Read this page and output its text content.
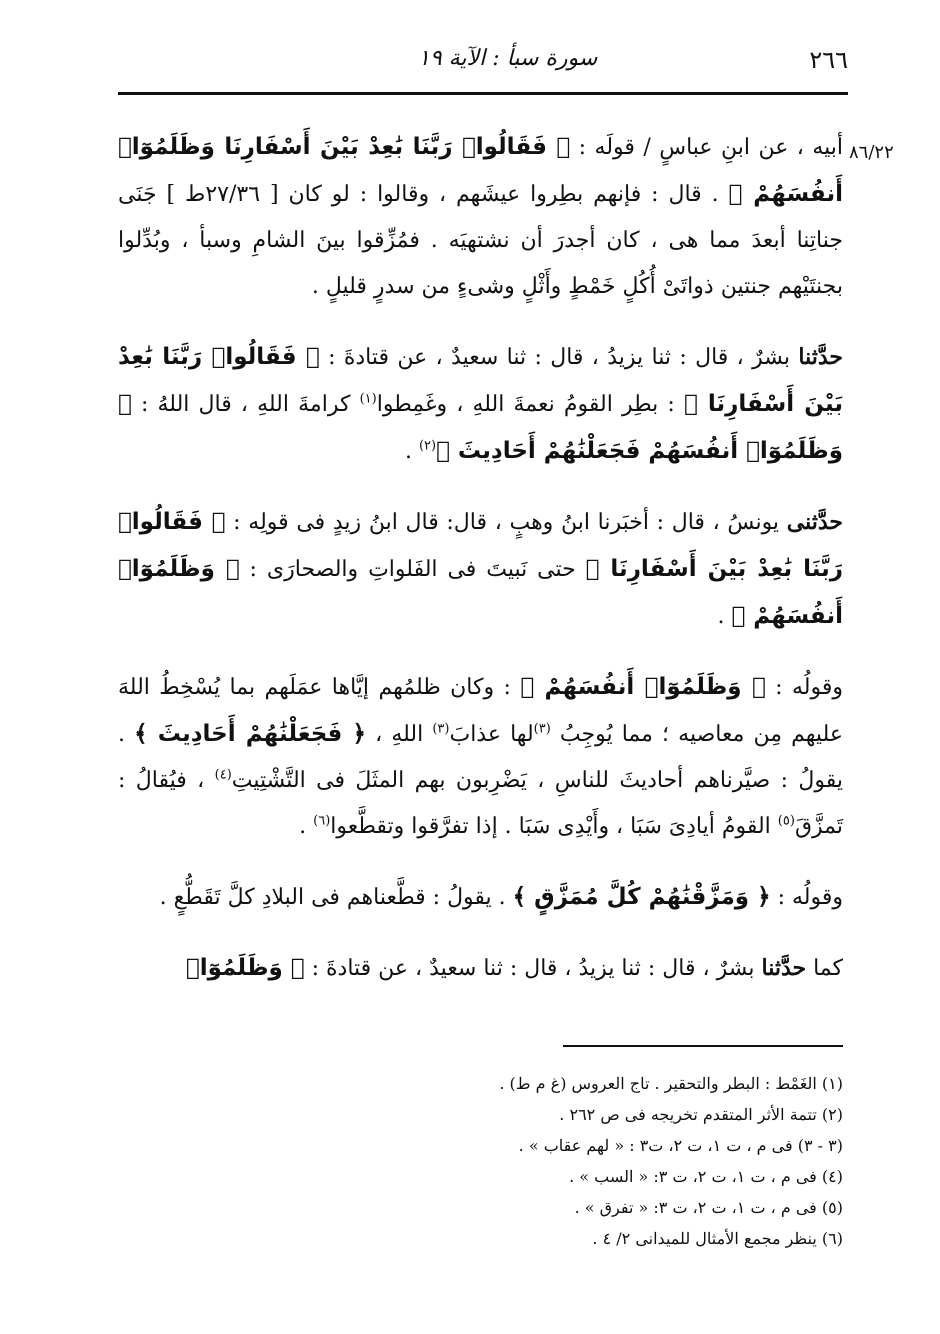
٢٦٦
سورة سبأ : الآية ١٩
٨٦/٢٢

أبيه ، عن ابنِ عباسٍ / قولَه : ﴿ فَقَالُوا۟ رَبَّنَا بَٰعِدْ بَيْنَ أَسْفَارِنَا وَظَلَمُوٓا۟ أَنفُسَهُمْ ﴾ . قال : فإنهم بطِروا عيشَهم ، وقالوا : لو كان [ ٢٧/٣٦ط ] جَنَى جناتِنا أبعدَ مما هى ، كان أجدرَ أن نشتهيَه . فمُزِّقوا بينَ الشامِ وسبأ ، وبُدِّلوا بجنتَيْهم جنتين ذواتَىْ أُكُلٍ خَمْطٍ وأَثْلٍ وشىءٍ من سدرٍ قليلٍ .

حدَّثنا بشرٌ ، قال : ثنا يزيدُ ، قال : ثنا سعيدٌ ، عن قتادةَ : ﴿ فَقَالُوا۟ رَبَّنَا بَٰعِدْ بَيْنَ أَسْفَارِنَا ﴾ : بطِر القومُ نعمةَ اللهِ ، وغَمِطوا$^{(١)}$ كرامةَ اللهِ ، قال اللهُ : ﴿ وَظَلَمُوٓا۟ أَنفُسَهُمْ فَجَعَلْنَٰهُمْ أَحَادِيثَ ﴾$^{(٢)}$ .

حدَّثنى يونسُ ، قال : أخبَرنا ابنُ وهبٍ ، قال: قال ابنُ زيدٍ فى قولِه : ﴿ فَقَالُوا۟ رَبَّنَا بَٰعِدْ بَيْنَ أَسْفَارِنَا ﴾ حتى نَبيتَ فى الفَلواتِ والصحارَى : ﴿ وَظَلَمُوٓا۟ أَنفُسَهُمْ ﴾ .

وقولُه : ﴿ وَظَلَمُوٓا۟ أَنفُسَهُمْ ﴾ : وكان ظلمُهم إيَّاها عمَلَهم بما يُسْخِطُ اللهَ عليهم مِن معاصيه ؛ مما يُوجِبُ $^{(٣)}$لها عذابَ$^{(٣)}$ اللهِ ، ﴿ فَجَعَلْنَٰهُمْ أَحَادِيثَ ﴾ . يقولُ : صيَّرناهم أحاديثَ للناسِ ، يَضْرِبون بهم المثَلَ فى التَّشْتِيتِ$^{(٤)}$ ، فيُقالُ : تَمزَّقَ$^{(٥)}$ القومُ أيادِىَ سَبَا ، وأَيْدِى سَبَا . إذا تفرَّقوا وتقطَّعوا$^{(٦)}$ .

وقولُه : ﴿ وَمَزَّقْنَٰهُمْ كُلَّ مُمَزَّقٍ ﴾ . يقولُ : قطَّعناهم فى البلادِ كلَّ تَقَطُّعٍ .

كما حدَّثنا بشرٌ ، قال : ثنا يزيدُ ، قال : ثنا سعيدٌ ، عن قتادةَ : ﴿ وَظَلَمُوٓا۟

(١) الغَمْط : البطر والتحقير . تاج العروس (غ م ط) .
(٢) تتمة الأثر المتقدم تخريجه فى ص ٢٦٢ .
(٣ - ٣) فى م ، ت ١، ت ٢، ت٣ : « لهم عقاب » .
(٤) فى م ، ت ١، ت ٢، ت ٣: « السب » .
(٥) فى م ، ت ١، ت ٢، ت ٣: « تفرق » .
(٦) ينظر مجمع الأمثال للميدانى ٢/ ٤ .
